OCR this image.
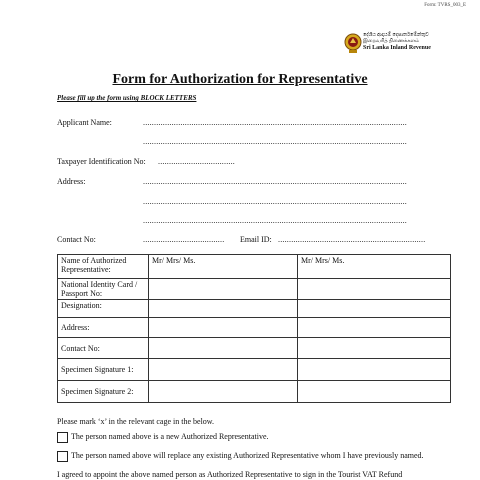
Form: TVRS_003_E
දේශීය ආදායම් දෙපාර්තමේන්තුව
இறைவரித் திணைக்களம்
Sri Lanka Inland Revenue
Form for Authorization for Representative
Please fill up the form using BLOCK LETTERS
Applicant Name:	........................................................................................................................
........................................................................................................................
Taxpayer Identification No: ...................................
Address:	........................................................................................................................
........................................................................................................................
........................................................................................................................
Contact No:	.....................................	Email ID: ...................................................................
Name of Authorized Representative:	Mr/ Mrs/ Ms.	Mr/ Mrs/ Ms.
National Identity Card / Passport No:		
Designation:		
Address:		
Contact No:		
Specimen Signature 1:		
Specimen Signature 2:		
Please mark ‘x’ in the relevant cage in the below.
The person named above is a new Authorized Representative.
The person named above will replace any existing Authorized Representative whom I have previously named.
I agreed to appoint the above named person as Authorized Representative to sign in the Tourist VAT Refund
